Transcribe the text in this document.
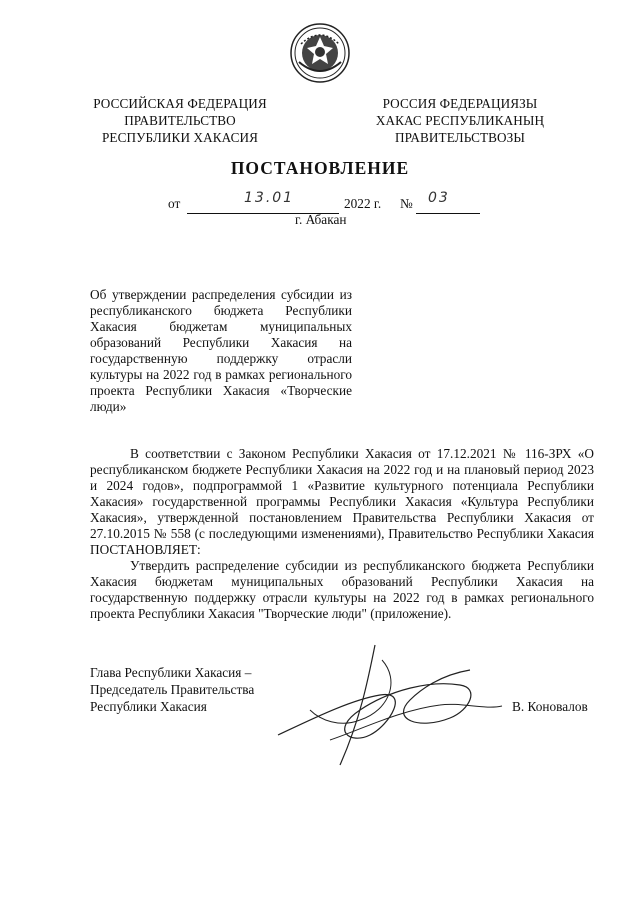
РОССИЙСКАЯ ФЕДЕРАЦИЯ
ПРАВИТЕЛЬСТВО
РЕСПУБЛИКИ ХАКАСИЯ
РОССИЯ ФЕДЕРАЦИЯЗЫ
ХАКАС РЕСПУБЛИКАНЫҢ
ПРАВИТЕЛЬСТВОЗЫ
ПОСТАНОВЛЕНИЕ
от	13.01	2022 г. № 03
г. Абакан
Об утверждении распределения субсидии из республиканского бюджета Республики Хакасия бюджетам муниципальных образований Республики Хакасия на государственную поддержку отрасли культуры на 2022 год в рамках регионального проекта Республики Хакасия «Творческие люди»
В соответствии с Законом Республики Хакасия от 17.12.2021 № 116-ЗРХ «О республиканском бюджете Республики Хакасия на 2022 год и на плановый период 2023 и 2024 годов», подпрограммой 1 «Развитие культурного потенциала Республики Хакасия» государственной программы Республики Хакасия «Культура Республики Хакасия», утвержденной постановлением Правительства Республики Хакасия от 27.10.2015 № 558 (с последующими изменениями), Правительство Республики Хакасия ПОСТАНОВЛЯЕТ:
Утвердить распределение субсидии из республиканского бюджета Республики Хакасия бюджетам муниципальных образований Республики Хакасия на государственную поддержку отрасли культуры на 2022 год в рамках регионального проекта Республики Хакасия "Творческие люди" (приложение).
Глава Республики Хакасия –
Председатель Правительства
Республики Хакасия	В. Коновалов
